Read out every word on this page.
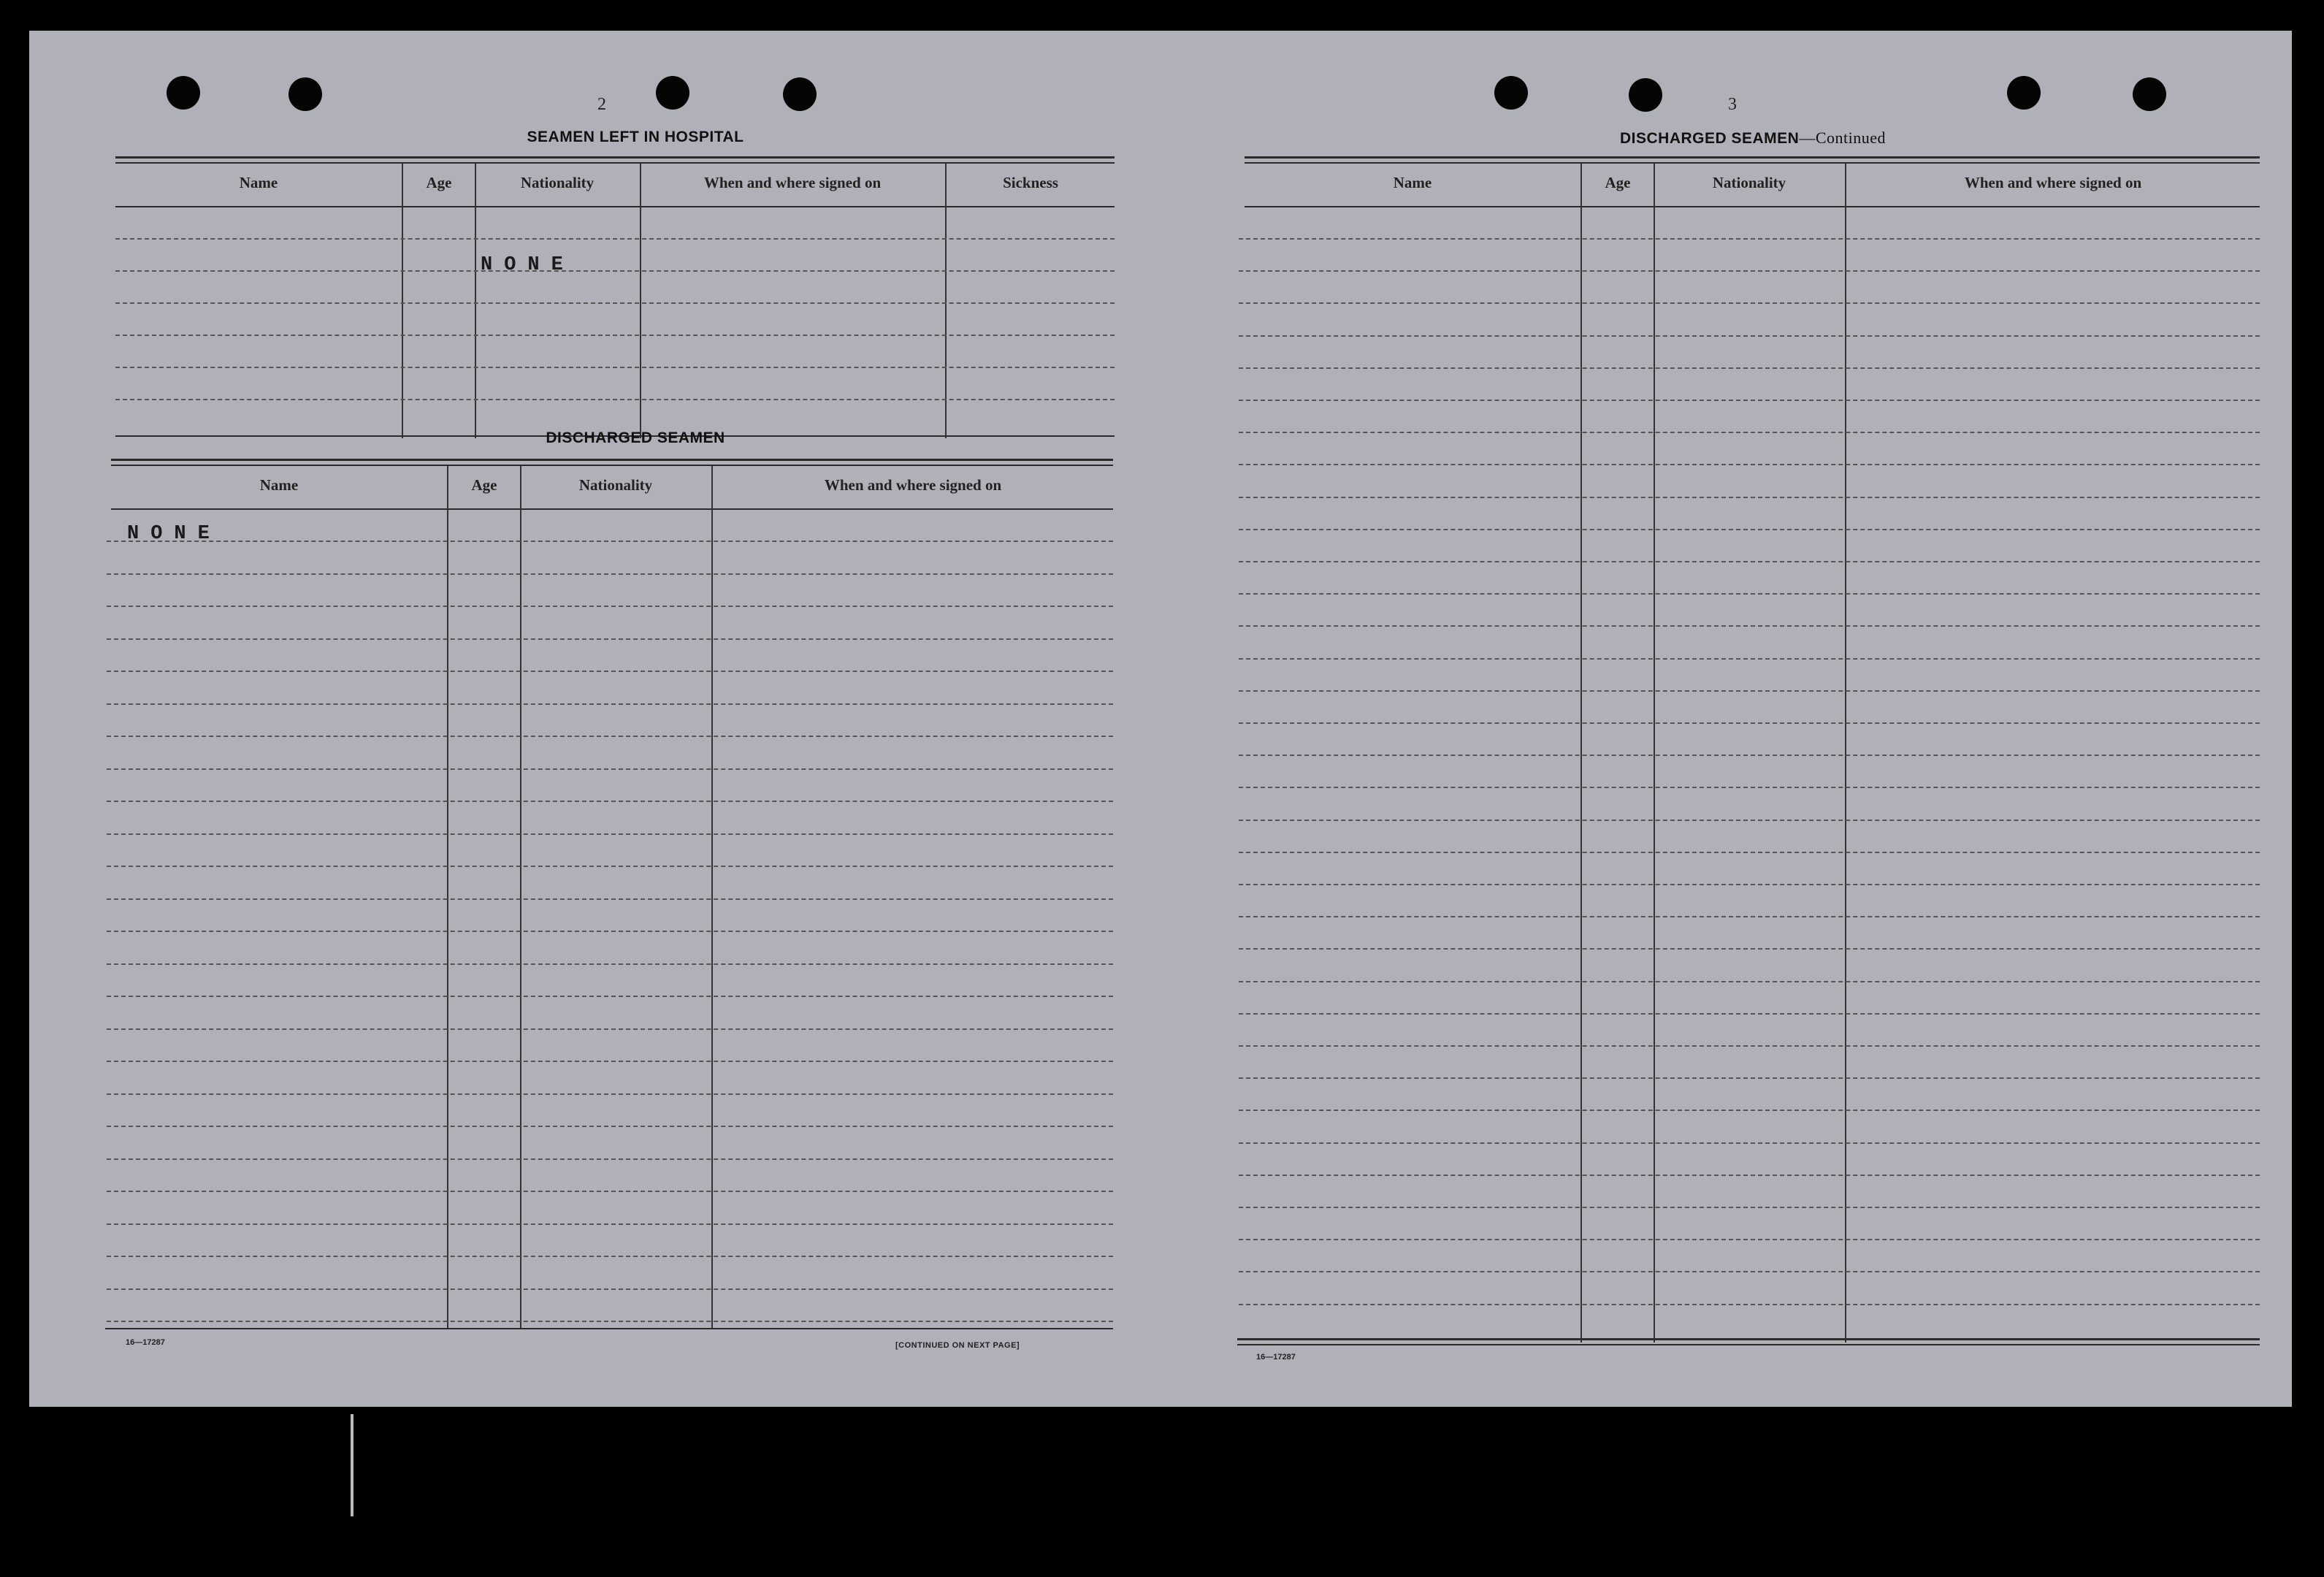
2
SEAMEN LEFT IN HOSPITAL
Name	Age	Nationality	When and where signed on	Sickness
NONE
DISCHARGED SEAMEN
Name	Age	Nationality	When and where signed on
NONE
16—17287	[CONTINUED ON NEXT PAGE]
3
DISCHARGED SEAMEN—Continued
Name	Age	Nationality	When and where signed on
16—17287
